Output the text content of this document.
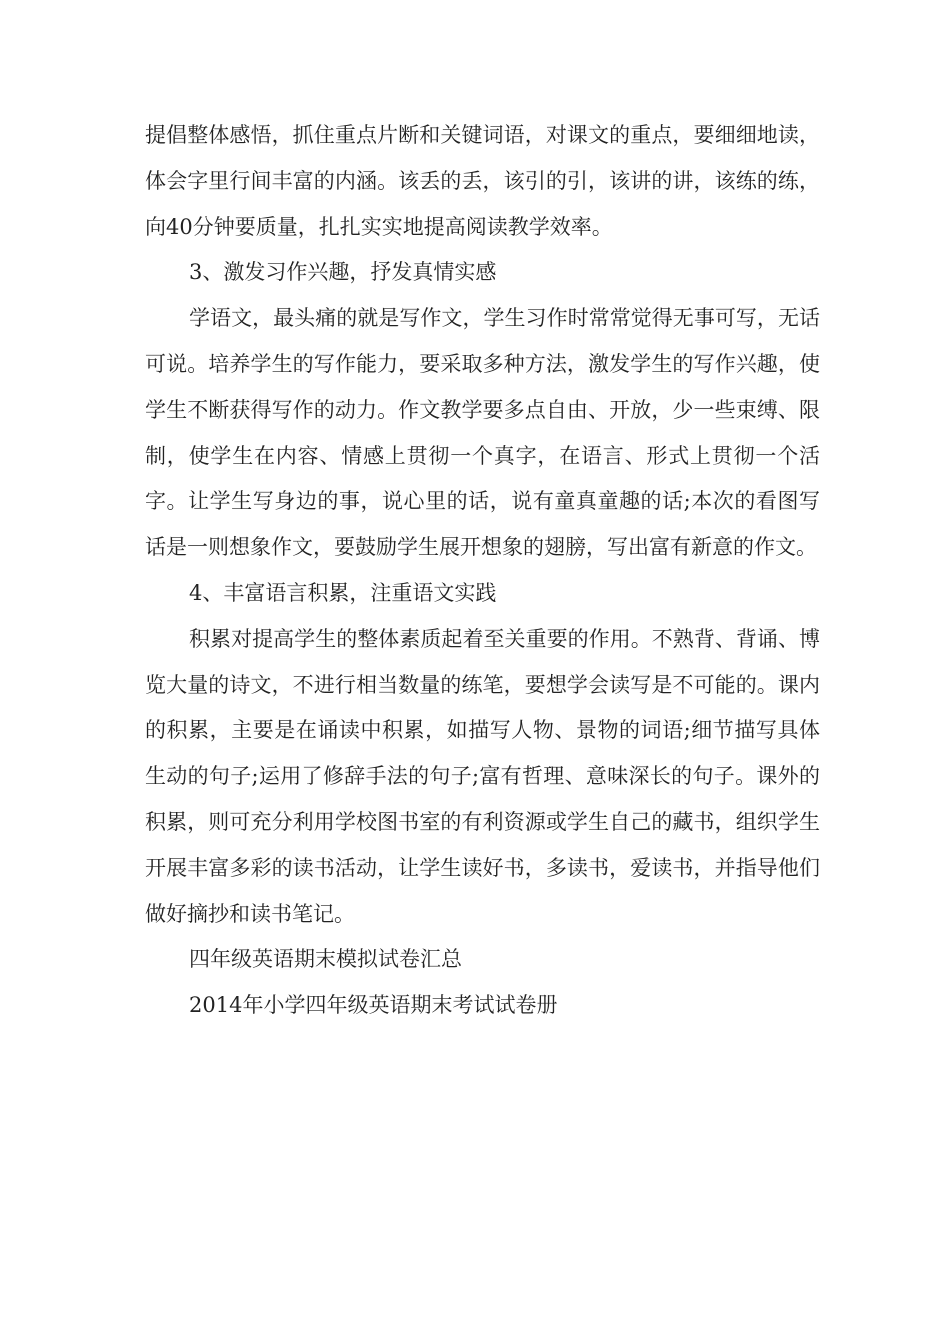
提倡整体感悟，抓住重点片断和关键词语，对课文的重点，要细细地读，体会字里行间丰富的内涵。该丢的丢，该引的引，该讲的讲，该练的练，向40分钟要质量，扎扎实实地提高阅读教学效率。

3、激发习作兴趣，抒发真情实感

学语文，最头痛的就是写作文，学生习作时常常觉得无事可写，无话可说。培养学生的写作能力，要采取多种方法，激发学生的写作兴趣，使学生不断获得写作的动力。作文教学要多点自由、开放，少一些束缚、限制，使学生在内容、情感上贯彻一个真字，在语言、形式上贯彻一个活字。让学生写身边的事，说心里的话，说有童真童趣的话;本次的看图写话是一则想象作文，要鼓励学生展开想象的翅膀，写出富有新意的作文。

4、丰富语言积累，注重语文实践

积累对提高学生的整体素质起着至关重要的作用。不熟背、背诵、博览大量的诗文，不进行相当数量的练笔，要想学会读写是不可能的。课内的积累，主要是在诵读中积累，如描写人物、景物的词语;细节描写具体生动的句子;运用了修辞手法的句子;富有哲理、意味深长的句子。课外的积累，则可充分利用学校图书室的有利资源或学生自己的藏书，组织学生开展丰富多彩的读书活动，让学生读好书，多读书，爱读书，并指导他们做好摘抄和读书笔记。

四年级英语期末模拟试卷汇总

2014年小学四年级英语期末考试试卷册
